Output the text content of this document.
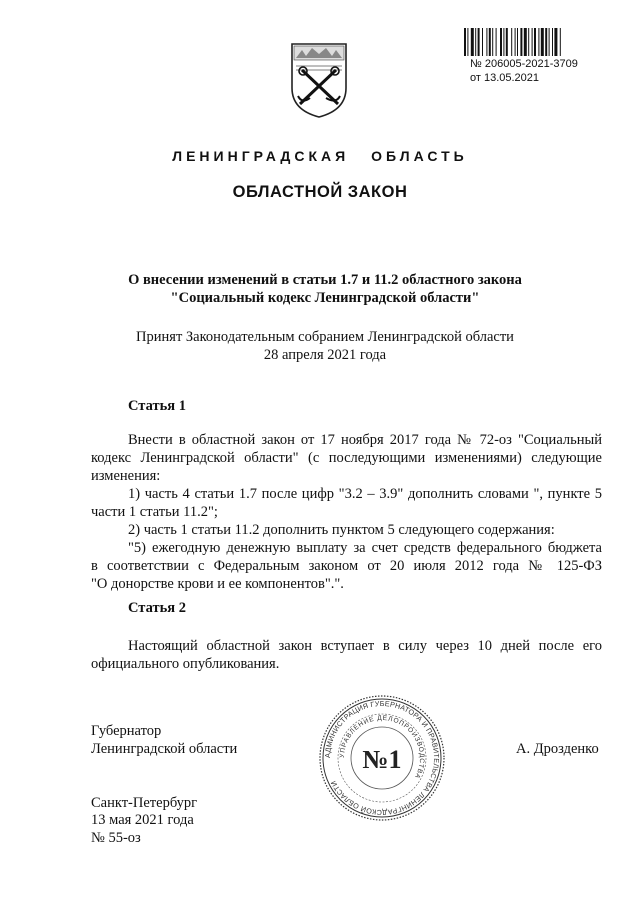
№ 206005-2021-3709
от 13.05.2021
ЛЕНИНГРАДСКАЯ ОБЛАСТЬ
ОБЛАСТНОЙ ЗАКОН
О внесении изменений в статьи 1.7 и 11.2 областного закона
"Социальный кодекс Ленинградской области"
Принят Законодательным собранием Ленинградской области
28 апреля 2021 года
Статья 1
Внести в областной закон от 17 ноября 2017 года № 72-оз "Социальный
кодекс Ленинградской области" (с последующими изменениями) следующие
изменения:
1) часть 4 статьи 1.7 после цифр "3.2 – 3.9" дополнить словами ", пункте 5
части 1 статьи 11.2";
2) часть 1 статьи 11.2 дополнить пунктом 5 следующего содержания:
"5) ежегодную денежную выплату за счет средств федерального бюджета
в соответствии с Федеральным законом от 20 июля 2012 года № 125-ФЗ
"О донорстве крови и ее компонентов".".
Статья 2
Настоящий областной закон вступает в силу через 10 дней после его
официального опубликования.
Губернатор
Ленинградской области	А. Дрозденко
АДМИНИСТРАЦИЯ ГУБЕРНАТОРА И ПРАВИТЕЛЬСТВА ЛЕНИНГРАДСКОЙ ОБЛАСТИ
УПРАВЛЕНИЕ ДЕЛОПРОИЗВОДСТВА
№1
Санкт-Петербург
13 мая 2021 года
№ 55-оз
